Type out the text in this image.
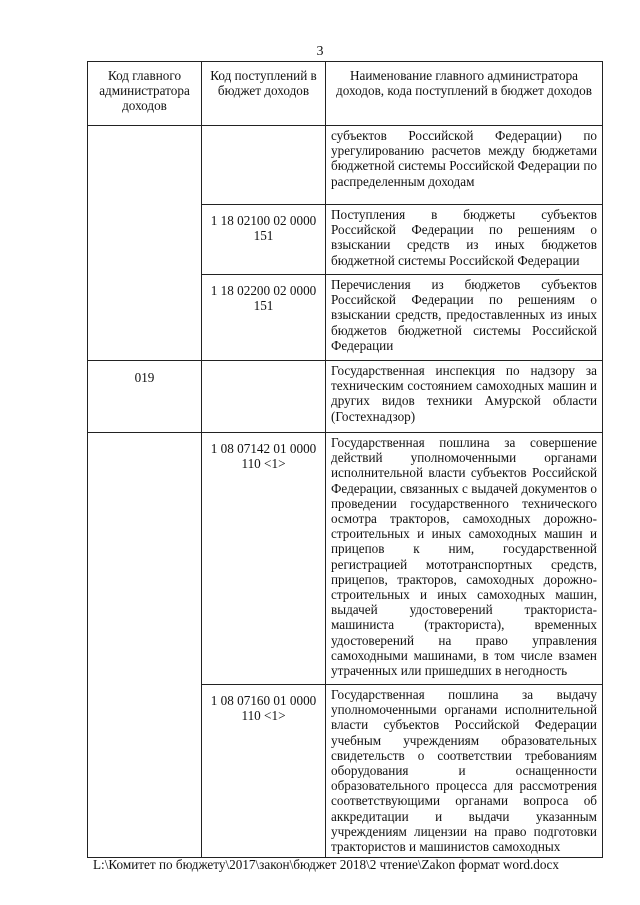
3
Код главного администратора доходов	Код поступлений в бюджет доходов	Наименование главного администратора доходов, кода поступлений в бюджет доходов
		субъектов Российской Федерации) по урегулированию расчетов между бюджетами бюджетной системы Российской Федерации по распределенным доходам
	1 18 02100 02 0000 151	Поступления в бюджеты субъектов Российской Федерации по решениям о взыскании средств из иных бюджетов бюджетной системы Российской Федерации
	1 18 02200 02 0000 151	Перечисления из бюджетов субъектов Российской Федерации по решениям о взыскании средств, предоставленных из иных бюджетов бюджетной системы Российской Федерации
019		Государственная инспекция по надзору за техническим состоянием самоходных машин и других видов техники Амурской области (Гостехнадзор)
	1 08 07142 01 0000 110 <1>	Государственная пошлина за совершение действий уполномоченными органами исполнительной власти субъектов Российской Федерации, связанных с выдачей документов о проведении государственного технического осмотра тракторов, самоходных дорожно-строительных и иных самоходных машин и прицепов к ним, государственной регистрацией мототранспортных средств, прицепов, тракторов, самоходных дорожно-строительных и иных самоходных машин, выдачей удостоверений тракториста-машиниста (тракториста), временных удостоверений на право управления самоходными машинами, в том числе взамен утраченных или пришедших в негодность
	1 08 07160 01 0000 110 <1>	Государственная пошлина за выдачу уполномоченными органами исполнительной власти субъектов Российской Федерации учебным учреждениям образовательных свидетельств о соответствии требованиям оборудования и оснащенности образовательного процесса для рассмотрения соответствующими органами вопроса об аккредитации и выдачи указанным учреждениям лицензии на право подготовки трактористов и машинистов самоходных
L:\Комитет по бюджету\2017\закон\бюджет 2018\2 чтение\Zakon формат word.docx
